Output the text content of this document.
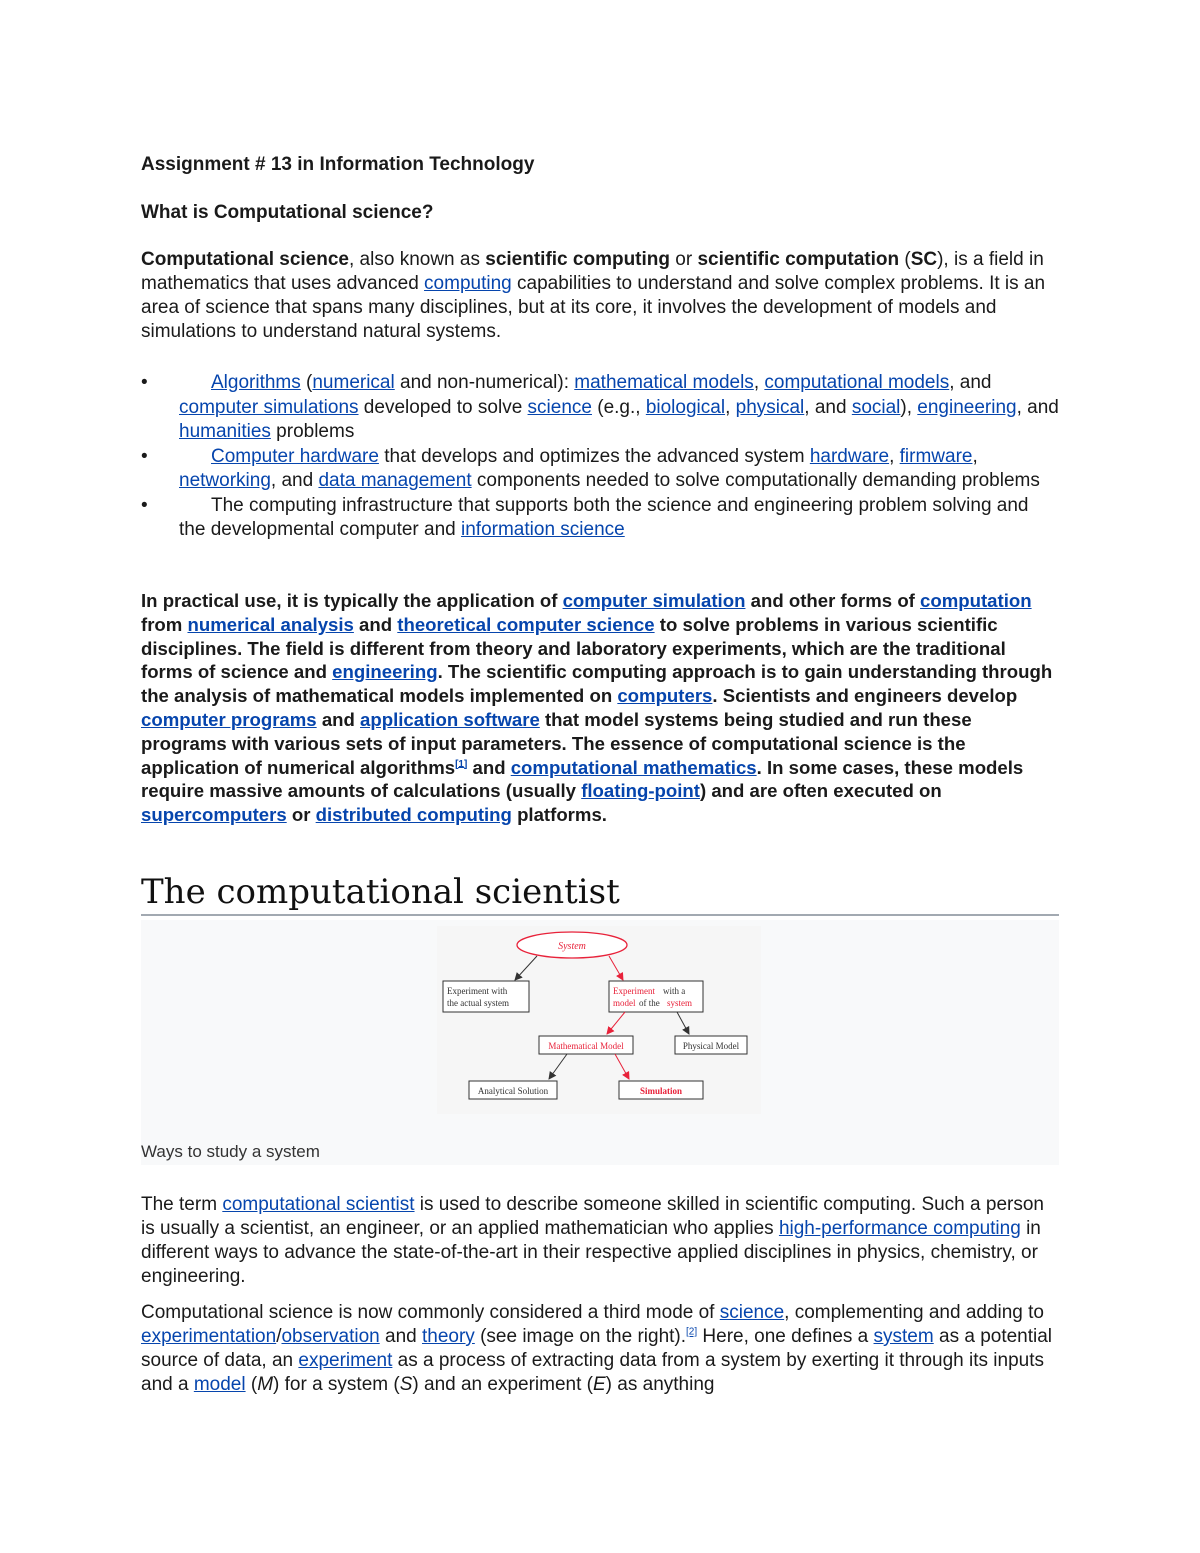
Assignment # 13 in Information Technology

What is Computational science?

Computational science, also known as scientific computing or scientific computation (SC), is a field in mathematics that uses advanced computing capabilities to understand and solve complex problems. It is an area of science that spans many disciplines, but at its core, it involves the development of models and simulations to understand natural systems.

•	Algorithms (numerical and non-numerical): mathematical models, computational models, and computer simulations developed to solve science (e.g., biological, physical, and social), engineering, and humanities problems
•	Computer hardware that develops and optimizes the advanced system hardware, firmware, networking, and data management components needed to solve computationally demanding problems
•	The computing infrastructure that supports both the science and engineering problem solving and the developmental computer and information science

In practical use, it is typically the application of computer simulation and other forms of computation from numerical analysis and theoretical computer science to solve problems in various scientific disciplines. The field is different from theory and laboratory experiments, which are the traditional forms of science and engineering. The scientific computing approach is to gain understanding through the analysis of mathematical models implemented on computers. Scientists and engineers develop computer programs and application software that model systems being studied and run these programs with various sets of input parameters. The essence of computational science is the application of numerical algorithms[1] and computational mathematics. In some cases, these models require massive amounts of calculations (usually floating-point) and are often executed on supercomputers or distributed computing platforms.

The computational scientist
System
Experiment with
the actual system
Experiment with a
model of the system
Mathematical Model	Physical Model
Analytical Solution	Simulation
Ways to study a system

The term computational scientist is used to describe someone skilled in scientific computing. Such a person is usually a scientist, an engineer, or an applied mathematician who applies high-performance computing in different ways to advance the state-of-the-art in their respective applied disciplines in physics, chemistry, or engineering.

Computational science is now commonly considered a third mode of science, complementing and adding to experimentation/observation and theory (see image on the right).[2] Here, one defines a system as a potential source of data, an experiment as a process of extracting data from a system by exerting it through its inputs and a model (M) for a system (S) and an experiment (E) as anything
